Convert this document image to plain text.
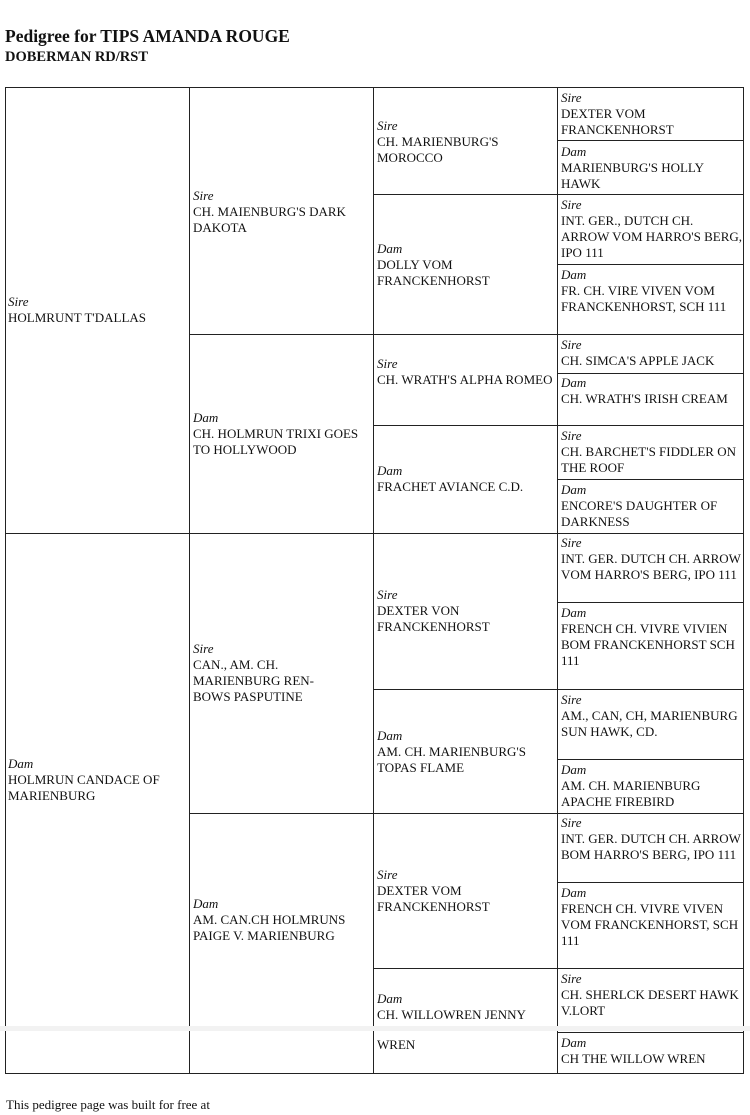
Pedigree for TIPS AMANDA ROUGE
DOBERMAN RD/RST
Sire
HOLMRUNT T'DALLAS
Dam
HOLMRUN CANDACE OF MARIENBURG
Sire
CH. MAIENBURG'S DARK DAKOTA
Dam
CH. HOLMRUN TRIXI GOES TO HOLLYWOOD
Sire
CAN., AM. CH. MARIENBURG REN-BOWS PASPUTINE
Dam
AM. CAN.CH HOLMRUNS PAIGE V. MARIENBURG
Sire
CH. MARIENBURG'S MOROCCO
Dam
DOLLY VOM FRANCKENHORST
Sire
CH. WRATH'S ALPHA ROMEO
Dam
FRACHET AVIANCE C.D.
Sire
DEXTER VON FRANCKENHORST
Dam
AM. CH. MARIENBURG'S TOPAS FLAME
Sire
DEXTER VOM FRANCKENHORST
Dam
CH. WILLOWREN JENNY
WREN
Sire
DEXTER VOM FRANCKENHORST
Dam
MARIENBURG'S HOLLY HAWK
Sire
INT. GER., DUTCH CH. ARROW VOM HARRO'S BERG, IPO 111
Dam
FR. CH. VIRE VIVEN VOM FRANCKENHORST, SCH 111
Sire
CH. SIMCA'S APPLE JACK
Dam
CH. WRATH'S IRISH CREAM
Sire
CH. BARCHET'S FIDDLER ON THE ROOF
Dam
ENCORE'S DAUGHTER OF DARKNESS
Sire
INT. GER. DUTCH CH. ARROW VOM HARRO'S BERG, IPO 111
Dam
FRENCH CH. VIVRE VIVIEN BOM FRANCKENHORST SCH 111
Sire
AM., CAN, CH, MARIENBURG SUN HAWK, CD.
Dam
AM. CH. MARIENBURG APACHE FIREBIRD
Sire
INT. GER. DUTCH CH. ARROW BOM HARRO'S BERG, IPO 111
Dam
FRENCH CH. VIVRE VIVEN VOM FRANCKENHORST, SCH 111
Sire
CH. SHERLCK DESERT HAWK V.LORT
Dam
CH THE WILLOW WREN
This pedigree page was built for free at
